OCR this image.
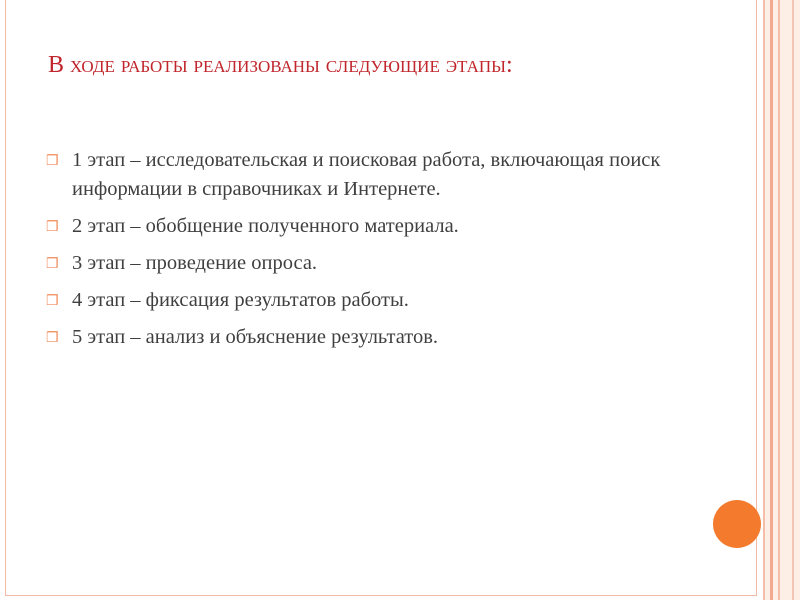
В ходе работы реализованы следующие этапы:
❒ 1 этап – исследовательская и поисковая работа, включающая поиск информации в справочниках и Интернете.
❒ 2 этап – обобщение полученного материала.
❒ 3 этап – проведение опроса.
❒ 4 этап – фиксация результатов работы.
❒ 5 этап – анализ и объяснение результатов.
